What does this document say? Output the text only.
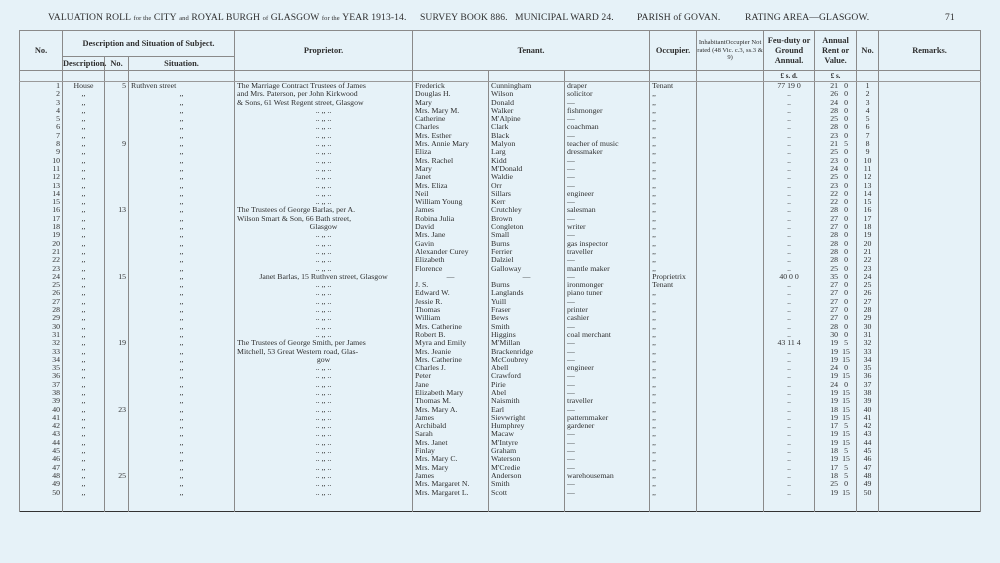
VALUATION ROLL for the CITY and ROYAL BURGH of GLASGOW for the YEAR 1913-14.	SURVEY BOOK 886. MUNICIPAL WARD 24.	PARISH of GOVAN.	RATING AREA—GLASGOW.	71
No.	Description and Situation of Subject.			Proprietor.	Tenant.			Occupier.	InhabitantOccupier Not rated (48 Vic. c.3, ss.3 & 9)	Feu-duty or Ground Annual.	Annual Rent or Value.	No.	Remarks.
	Description.	No.	Situation.										
										£ s. d.	£ s.		
1	House	5	Ruthven street	The Marriage Contract Trustees of James	Frederick	Cunningham	draper	Tenant		77 19 0	21 0	1	
2	,,		,,	and Mrs. Paterson, per John Kirkwood	Douglas H.	Wilson	solicitor	,,		..	26 0	2	
3	,,		,,	& Sons, 61 West Regent street, Glasgow	Mary	Donald	—	,,		..	24 0	3	
4	,,		,,	.. ,, ..	Mrs. Mary M.	Walker	fishmonger	,,		..	28 0	4	
5	,,		,,	.. ,, ..	Catherine	M'Alpine	—	,,		..	25 0	5	
6	,,		,,	.. ,, ..	Charles	Clark	coachman	,,		..	28 0	6	
7	,,		,,	.. ,, ..	Mrs. Esther	Black	—	,,		..	23 0	7	
8	,,	9	,,	.. ,, ..	Mrs. Annie Mary	Malyon	teacher of music	,,		..	21 5	8	
9	,,		,,	.. ,, ..	Eliza	Larg	dressmaker	,,		..	25 0	9	
10	,,		,,	.. ,, ..	Mrs. Rachel	Kidd	—	,,		..	23 0	10	
11	,,		,,	.. ,, ..	Mary	M'Donald	—	,,		..	24 0	11	
12	,,		,,	.. ,, ..	Janet	Waldie	—	,,		..	25 0	12	
13	,,		,,	.. ,, ..	Mrs. Eliza	Orr	—	,,		..	23 0	13	
14	,,		,,	.. ,, ..	Neil	Sillars	engineer	,,		..	22 0	14	
15	,,		,,	.. ,, ..	William Young	Kerr	—	,,		..	22 0	15	
16	,,	13	,,	The Trustees of George Barlas, per A.	James	Crutchley	salesman	,,		..	28 0	16	
17	,,		,,	Wilson Smart & Son, 66 Bath street,	Robina Julia	Brown	—	,,		..	27 0	17	
18	,,		,,	Glasgow	David	Congleton	writer	,,		..	27 0	18	
19	,,		,,	.. ,, ..	Mrs. Jane	Small	—	,,		..	28 0	19	
20	,,		,,	.. ,, ..	Gavin	Burns	gas inspector	,,		..	28 0	20	
21	,,		,,	.. ,, ..	Alexander Curey	Ferrier	traveller	,,		..	28 0	21	
22	,,		,,	.. ,, ..	Elizabeth	Dalziel	—	,,		..	28 0	22	
23	,,		,,	.. ,, ..	Florence	Galloway	mantle maker	,,		..	25 0	23	
24	,,	15	,,	Janet Barlas, 15 Ruthven street, Glasgow	—	—	—	Proprietrix		40 0 0	35 0	24	
25	,,		,,	.. ,, ..	J. S.	Burns	ironmonger	Tenant		..	27 0	25	
26	,,		,,	.. ,, ..	Edward W.	Langlands	piano tuner	,,		..	27 0	26	
27	,,		,,	.. ,, ..	Jessie R.	Yuill	—	,,		..	27 0	27	
28	,,		,,	.. ,, ..	Thomas	Fraser	printer	,,		..	27 0	28	
29	,,		,,	.. ,, ..	William	Bews	cashier	,,		..	27 0	29	
30	,,		,,	.. ,, ..	Mrs. Catherine	Smith	—	,,		..	28 0	30	
31	,,		,,	.. ,, ..	Robert B.	Higgins	coal merchant	,,		..	30 0	31	
32	,,	19	,,	The Trustees of George Smith, per James	Myra and Emily	M'Millan	—	,,		43 11 4	19 5	32	
33	,,		,,	Mitchell, 53 Great Western road, Glas-	Mrs. Jeanie	Brackenridge	—	,,		..	19 15	33	
34	,,		,,	gow	Mrs. Catherine	McCoubrey	—	,,		..	19 15	34	
35	,,		,,	.. ,, ..	Charles J.	Abell	engineer	,,		..	24 0	35	
36	,,		,,	.. ,, ..	Peter	Crawford	—	,,		..	19 15	36	
37	,,		,,	.. ,, ..	Jane	Pirie	—	,,		..	24 0	37	
38	,,		,,	.. ,, ..	Elizabeth Mary	Abel	—	,,		..	19 15	38	
39	,,		,,	.. ,, ..	Thomas M.	Naismith	traveller	,,		..	19 15	39	
40	,,	23	,,	.. ,, ..	Mrs. Mary A.	Earl	—	,,		..	18 15	40	
41	,,		,,	.. ,, ..	James	Sievwright	patternmaker	,,		..	19 15	41	
42	,,		,,	.. ,, ..	Archibald	Humphrey	gardener	,,		..	17 5	42	
43	,,		,,	.. ,, ..	Sarah	Macaw	—	,,		..	19 15	43	
44	,,		,,	.. ,, ..	Mrs. Janet	M'Intyre	—	,,		..	19 15	44	
45	,,		,,	.. ,, ..	Finlay	Graham	—	,,		..	18 5	45	
46	,,		,,	.. ,, ..	Mrs. Mary C.	Waterson	—	,,		..	19 15	46	
47	,,		,,	.. ,, ..	Mrs. Mary	M'Credie	—	,,		..	17 5	47	
48	,,	25	,,	.. ,, ..	James	Anderson	warehouseman	,,		..	18 5	48	
49	,,		,,	.. ,, ..	Mrs. Margaret N.	Smith	—	,,		..	25 0	49	
50	,,		,,	.. ,, ..	Mrs. Margaret L.	Scott	—	,,		..	19 15	50	
